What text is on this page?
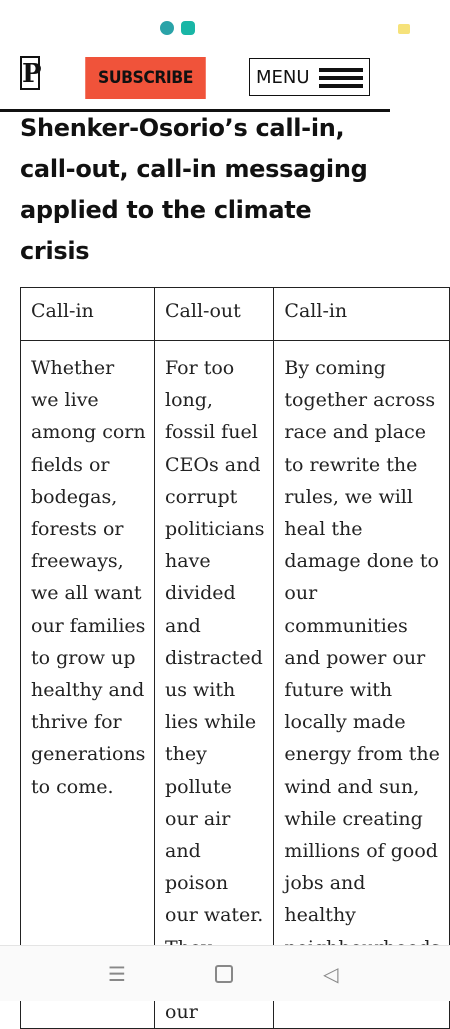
P	SUBSCRIBE	MENU
Shenker-Osorio’s call-in, call-out, call-in messaging applied to the climate crisis
Call-in	Call-out	Call-in
Whether we live among corn fields or bodegas, forests or freeways, we all want our families to grow up healthy and thrive for generations to come.	For too long, fossil fuel CEOs and corrupt politicians have divided and distracted us with lies while they pollute our air and poison our water. our	By coming together across race and place to rewrite the rules, we will heal the damage done to our communities and power our future with locally made energy from the wind and sun, while creating millions of good jobs and healthy
☰	◁
